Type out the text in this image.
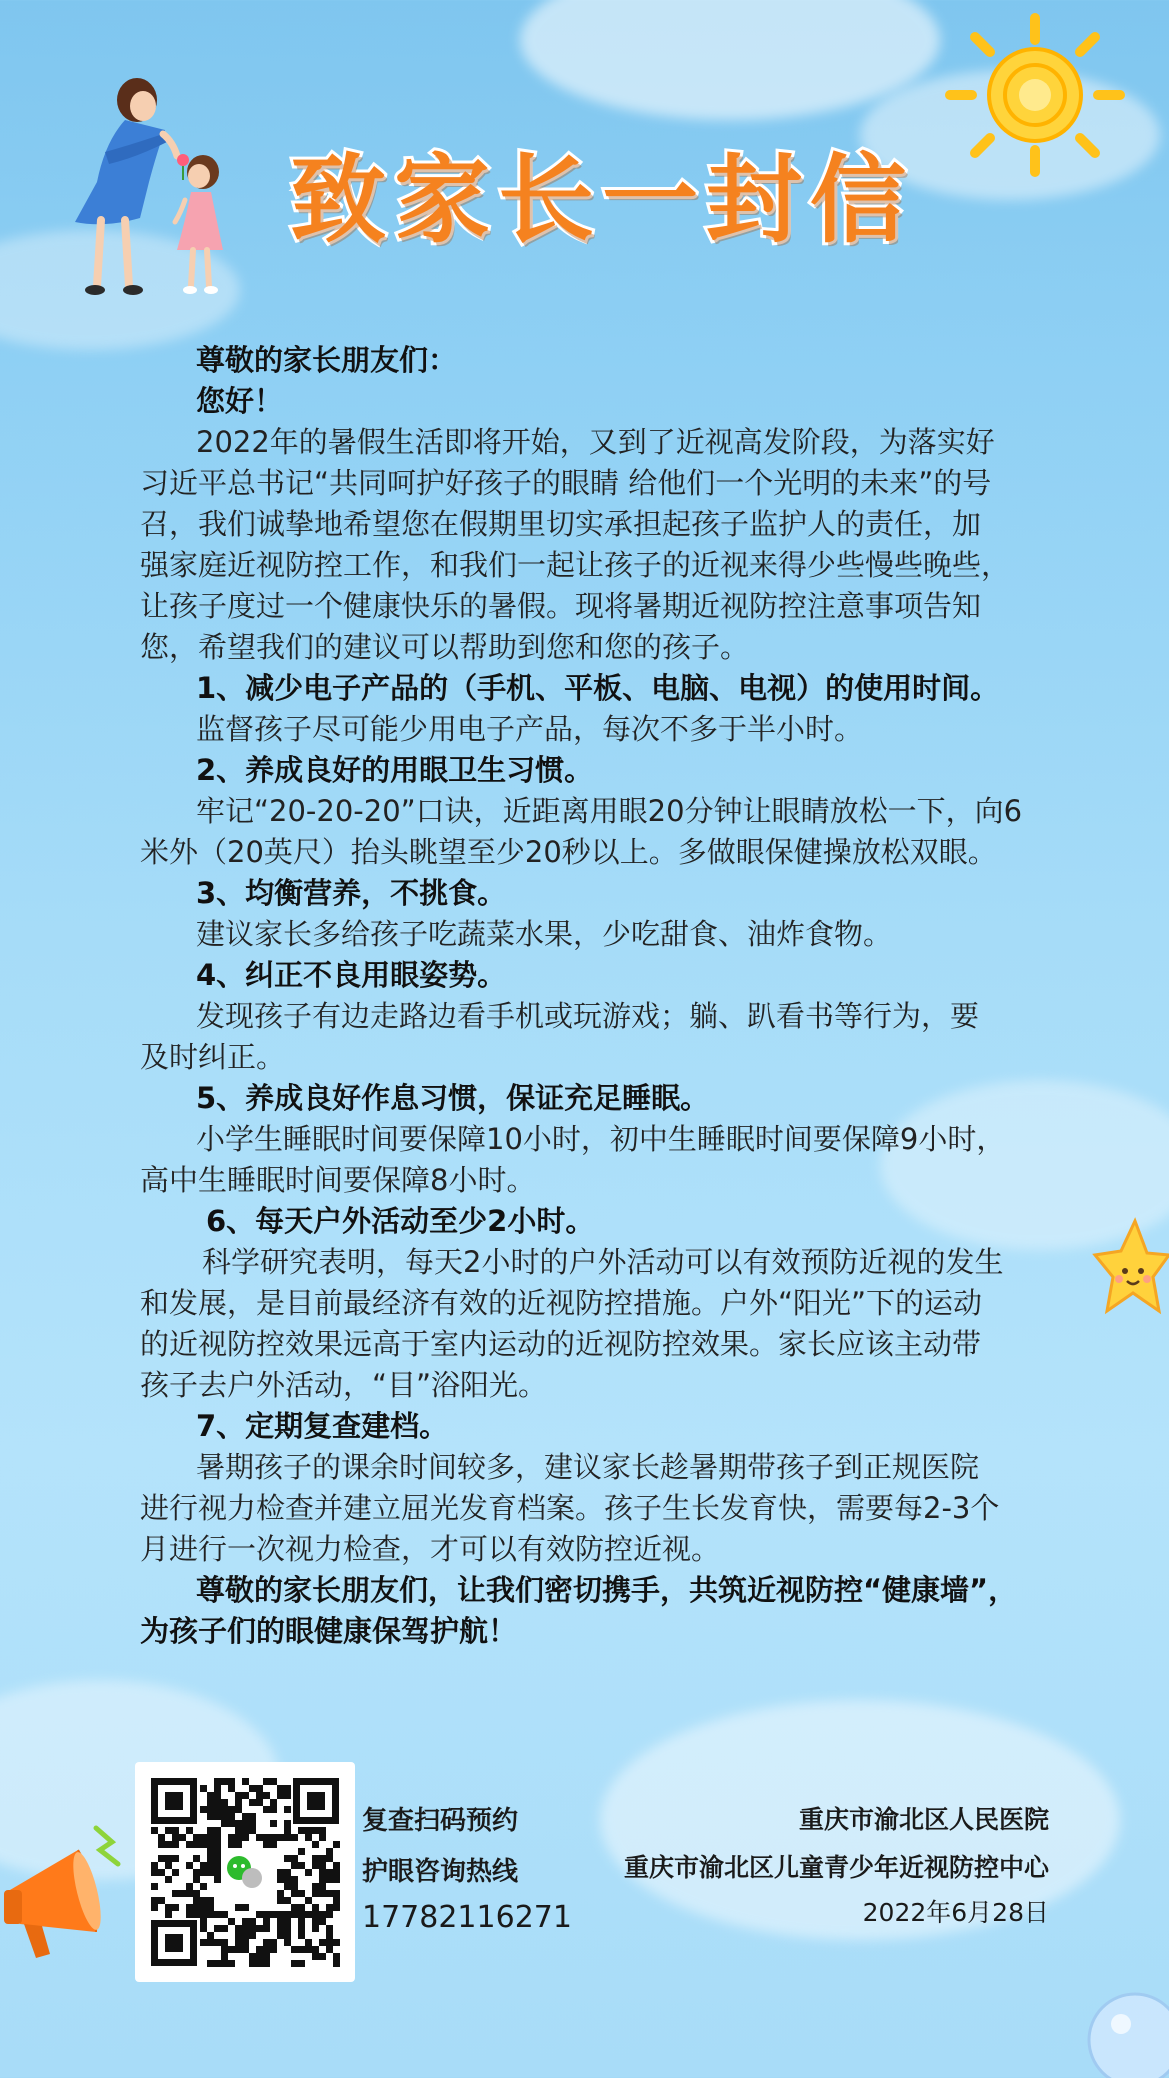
致家长一封信
尊敬的家长朋友们：
您好！
2022年的暑假生活即将开始，又到了近视高发阶段，为落实好
习近平总书记“共同呵护好孩子的眼睛 给他们一个光明的未来”的号
召，我们诚挚地希望您在假期里切实承担起孩子监护人的责任，加
强家庭近视防控工作，和我们一起让孩子的近视来得少些慢些晚些，
让孩子度过一个健康快乐的暑假。现将暑期近视防控注意事项告知
您，希望我们的建议可以帮助到您和您的孩子。
1、减少电子产品的（手机、平板、电脑、电视）的使用时间。
监督孩子尽可能少用电子产品，每次不多于半小时。
2、养成良好的用眼卫生习惯。
牢记“20-20-20”口诀，近距离用眼20分钟让眼睛放松一下，向6
米外（20英尺）抬头眺望至少20秒以上。多做眼保健操放松双眼。
3、均衡营养，不挑食。
建议家长多给孩子吃蔬菜水果，少吃甜食、油炸食物。
4、纠正不良用眼姿势。
发现孩子有边走路边看手机或玩游戏；躺、趴看书等行为，要
及时纠正。
5、养成良好作息习惯，保证充足睡眠。
小学生睡眠时间要保障10小时，初中生睡眠时间要保障9小时，
高中生睡眠时间要保障8小时。
6、每天户外活动至少2小时。
科学研究表明，每天2小时的户外活动可以有效预防近视的发生
和发展，是目前最经济有效的近视防控措施。户外“阳光”下的运动
的近视防控效果远高于室内运动的近视防控效果。家长应该主动带
孩子去户外活动，“目”浴阳光。
7、定期复查建档。
暑期孩子的课余时间较多，建议家长趁暑期带孩子到正规医院
进行视力检查并建立屈光发育档案。孩子生长发育快，需要每2-3个
月进行一次视力检查，才可以有效防控近视。
尊敬的家长朋友们，让我们密切携手，共筑近视防控“健康墙”，
为孩子们的眼健康保驾护航！
复查扫码预约
护眼咨询热线
17782116271
重庆市渝北区人民医院
重庆市渝北区儿童青少年近视防控中心
2022年6月28日
